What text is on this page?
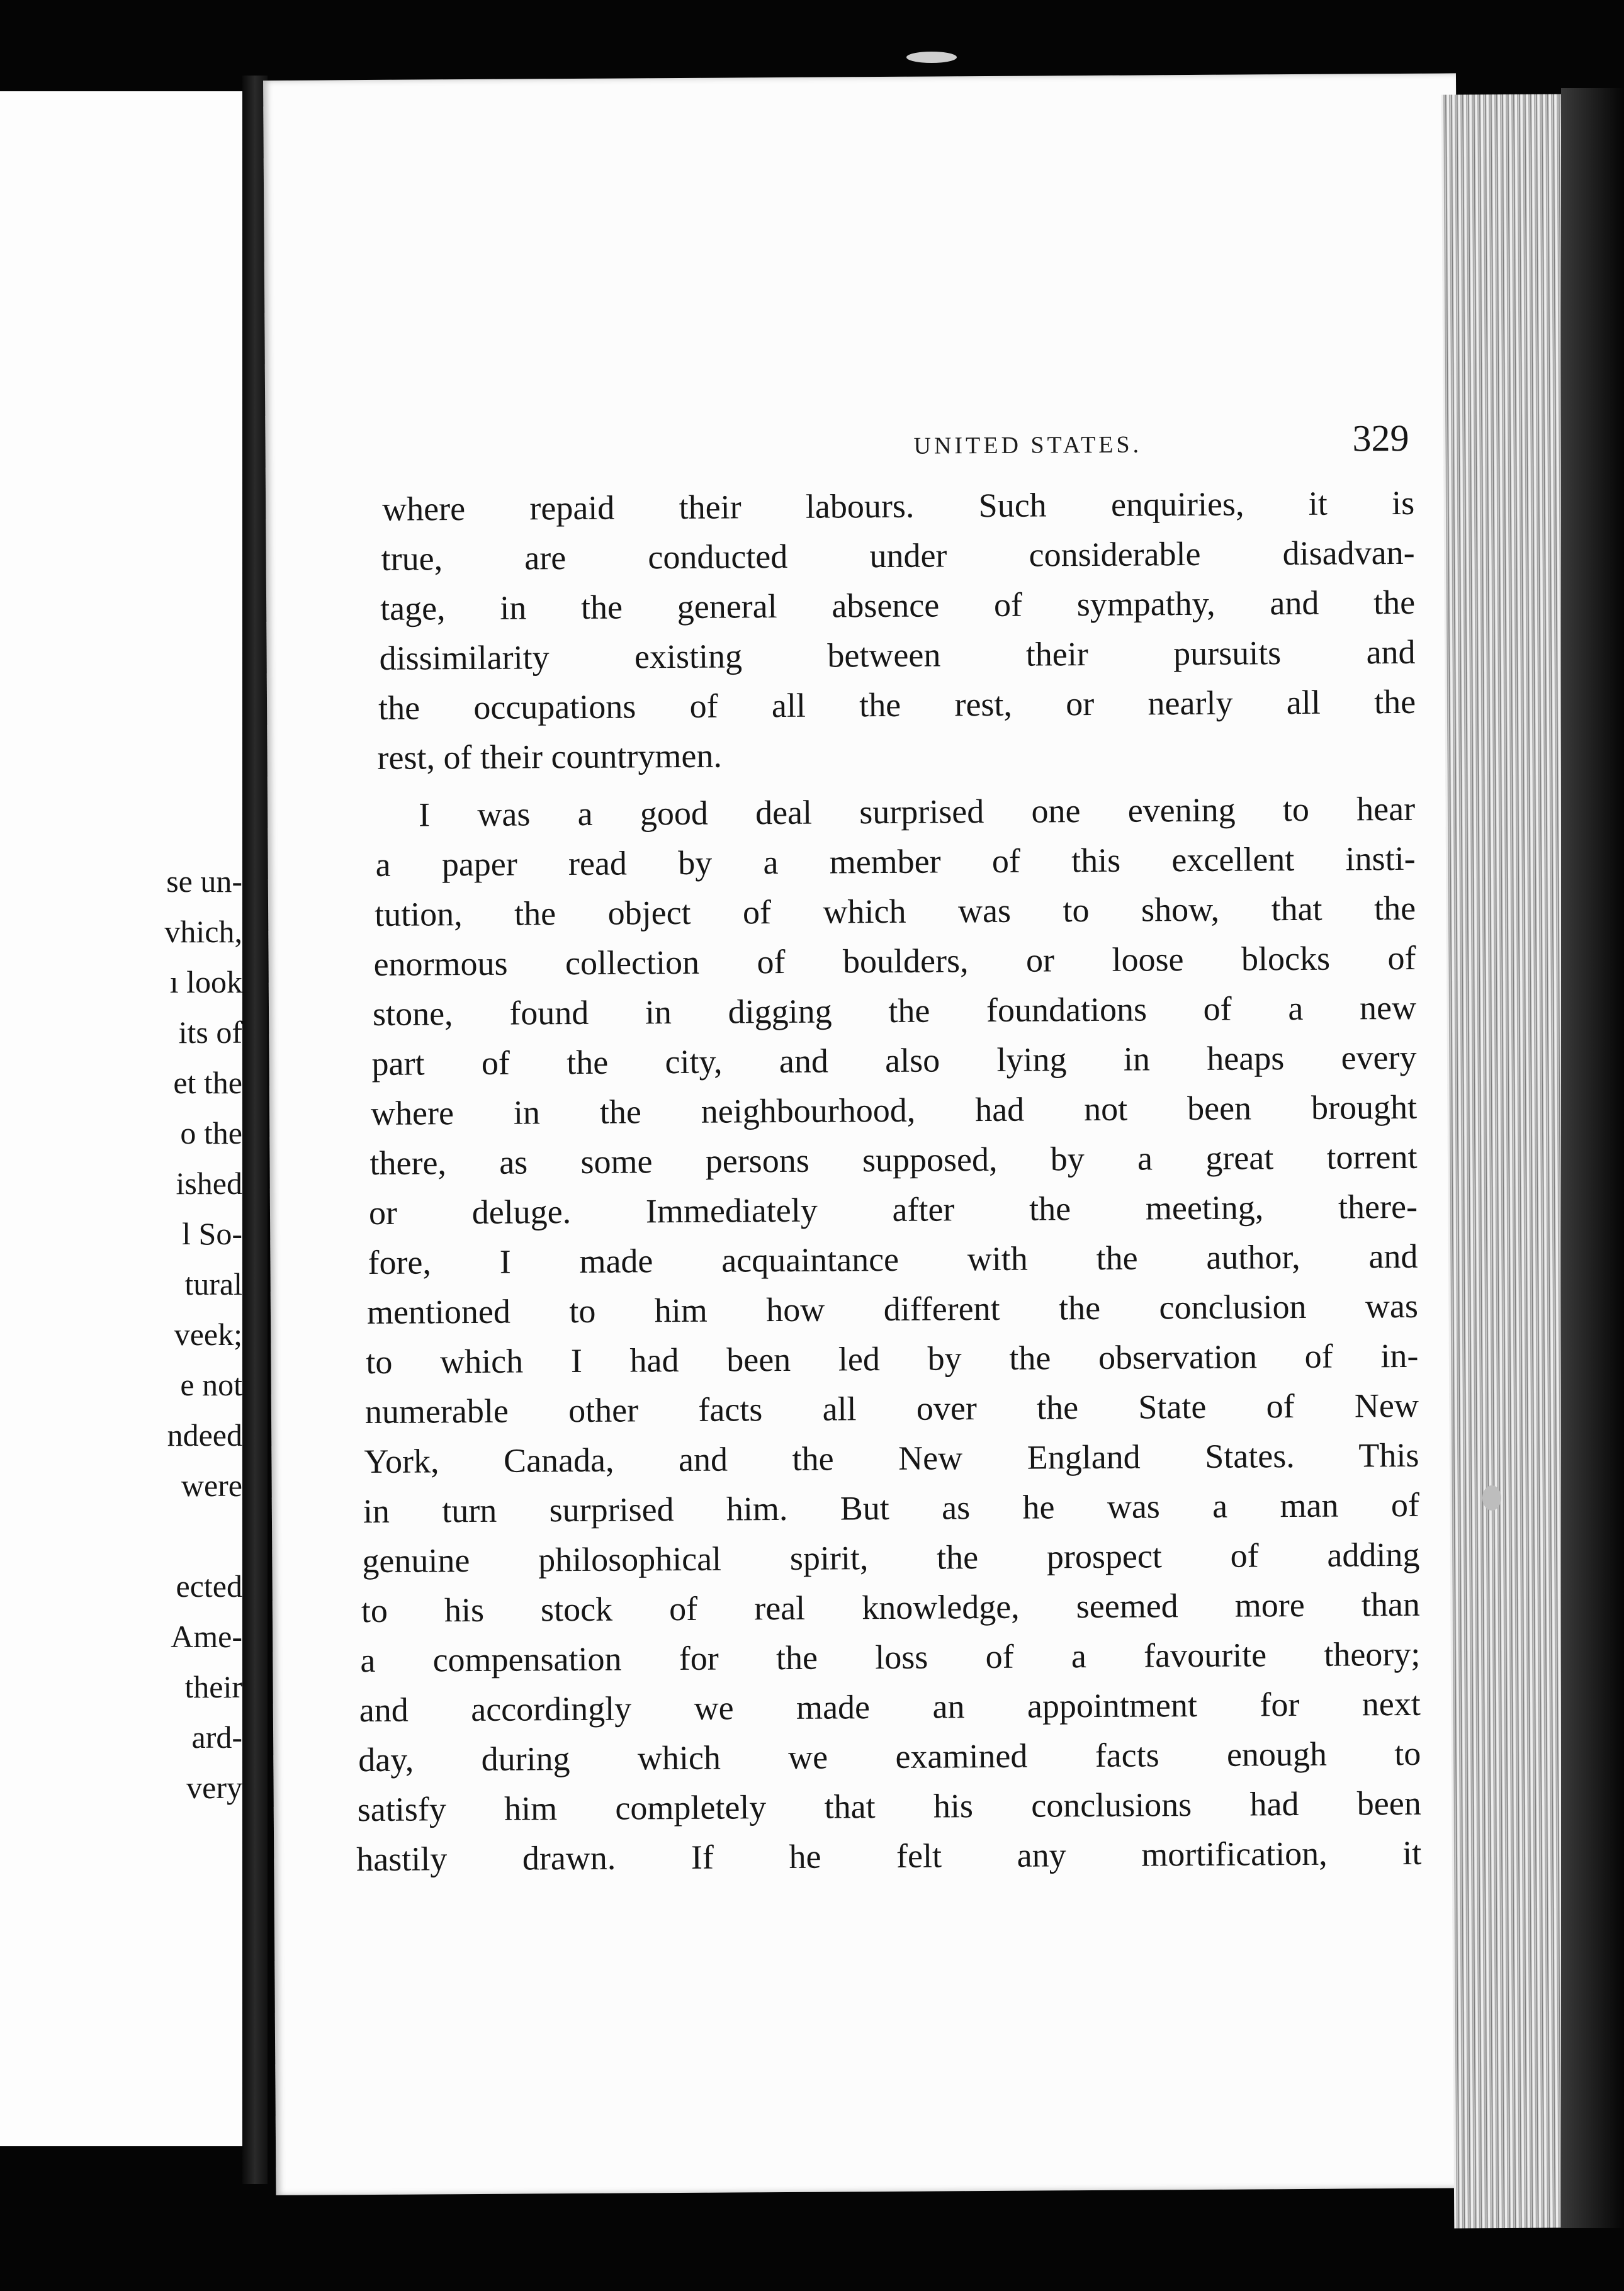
se un-
vhich,
ı look
its of
et the
o the
ished
l So-
tural
veek;
e not
ndeed
were
ected
Ame-
their
ard-
very
UNITED STATES.	329
where repaid their labours. Such enquiries, it is
true, are conducted under considerable disadvan-
tage, in the general absence of sympathy, and the
dissimilarity existing between their pursuits and
the occupations of all the rest, or nearly all the
rest, of their countrymen.
I was a good deal surprised one evening to hear
a paper read by a member of this excellent insti-
tution, the object of which was to show, that the
enormous collection of boulders, or loose blocks of
stone, found in digging the foundations of a new
part of the city, and also lying in heaps every
where in the neighbourhood, had not been brought
there, as some persons supposed, by a great torrent
or deluge. Immediately after the meeting, there-
fore, I made acquaintance with the author, and
mentioned to him how different the conclusion was
to which I had been led by the observation of in-
numerable other facts all over the State of New
York, Canada, and the New England States. This
in turn surprised him. But as he was a man of
genuine philosophical spirit, the prospect of adding
to his stock of real knowledge, seemed more than
a compensation for the loss of a favourite theory;
and accordingly we made an appointment for next
day, during which we examined facts enough to
satisfy him completely that his conclusions had been
hastily drawn. If he felt any mortification, it
